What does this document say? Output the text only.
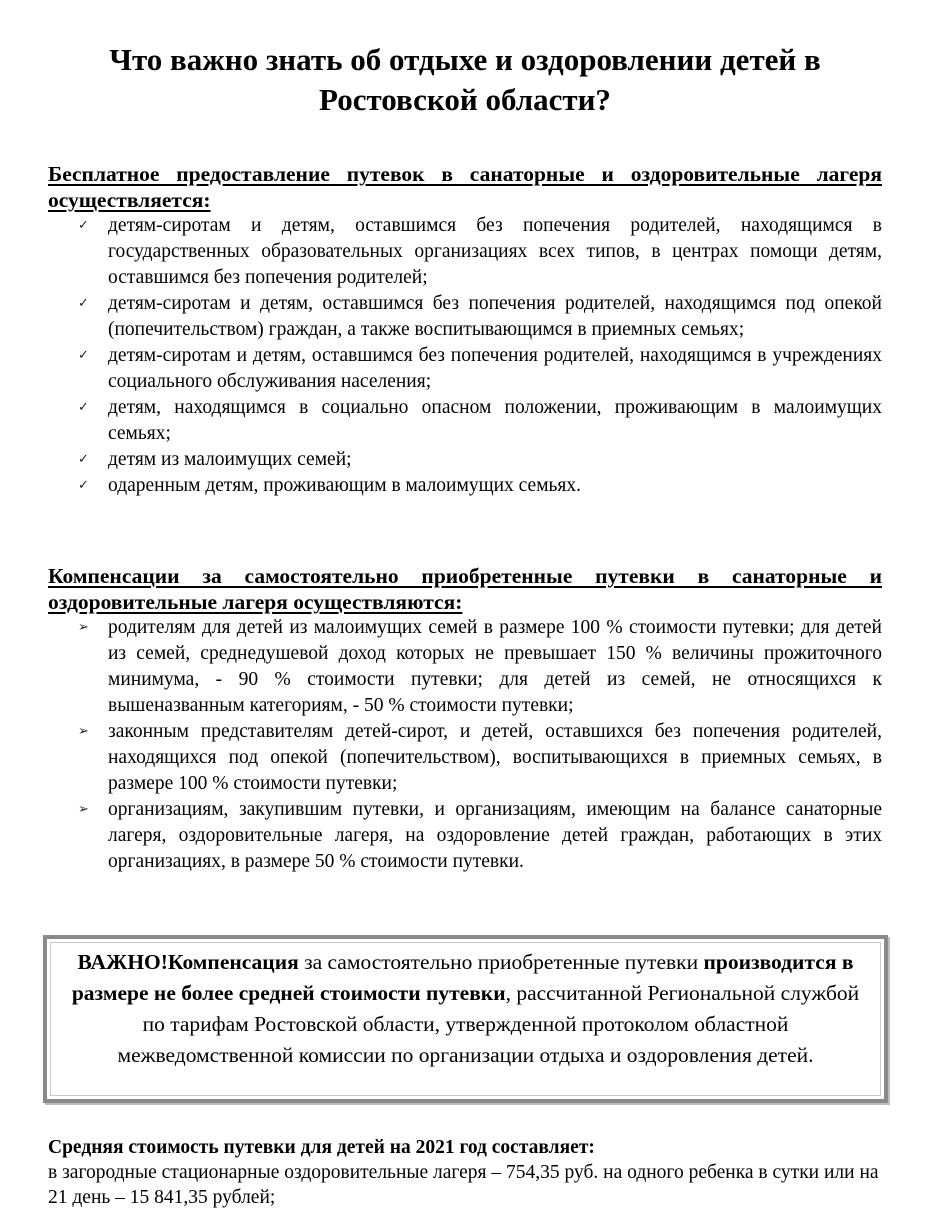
Что важно знать об отдыхе и оздоровлении детей в Ростовской области?
Бесплатное предоставление путевок в санаторные и оздоровительные лагеря осуществляется:
✓ детям-сиротам и детям, оставшимся без попечения родителей, находящимся в государственных образовательных организациях всех типов, в центрах помощи детям, оставшимся без попечения родителей;
✓ детям-сиротам и детям, оставшимся без попечения родителей, находящимся под опекой (попечительством) граждан, а также воспитывающимся в приемных семьях;
✓ детям-сиротам и детям, оставшимся без попечения родителей, находящимся в учреждениях социального обслуживания населения;
✓ детям, находящимся в социально опасном положении, проживающим в малоимущих семьях;
✓ детям из малоимущих семей;
✓ одаренным детям, проживающим в малоимущих семьях.
Компенсации за самостоятельно приобретенные путевки в санаторные и оздоровительные лагеря осуществляются:
➢ родителям для детей из малоимущих семей в размере 100 % стоимости путевки; для детей из семей, среднедушевой доход которых не превышает 150 % величины прожиточного минимума, - 90 % стоимости путевки; для детей из семей, не относящихся к вышеназванным категориям, - 50 % стоимости путевки;
➢ законным представителям детей-сирот, и детей, оставшихся без попечения родителей, находящихся под опекой (попечительством), воспитывающихся в приемных семьях, в размере 100 % стоимости путевки;
➢ организациям, закупившим путевки, и организациям, имеющим на балансе санаторные лагеря, оздоровительные лагеря, на оздоровление детей граждан, работающих в этих организациях, в размере 50 % стоимости путевки.
ВАЖНО!Компенсация за самостоятельно приобретенные путевки производится в размере не более средней стоимости путевки, рассчитанной Региональной службой по тарифам Ростовской области, утвержденной протоколом областной межведомственной комиссии по организации отдыха и оздоровления детей.
Средняя стоимость путевки для детей на 2021 год составляет:
в загородные стационарные оздоровительные лагеря – 754,35 руб. на одного ребенка в сутки или на 21 день – 15 841,35 рублей;
